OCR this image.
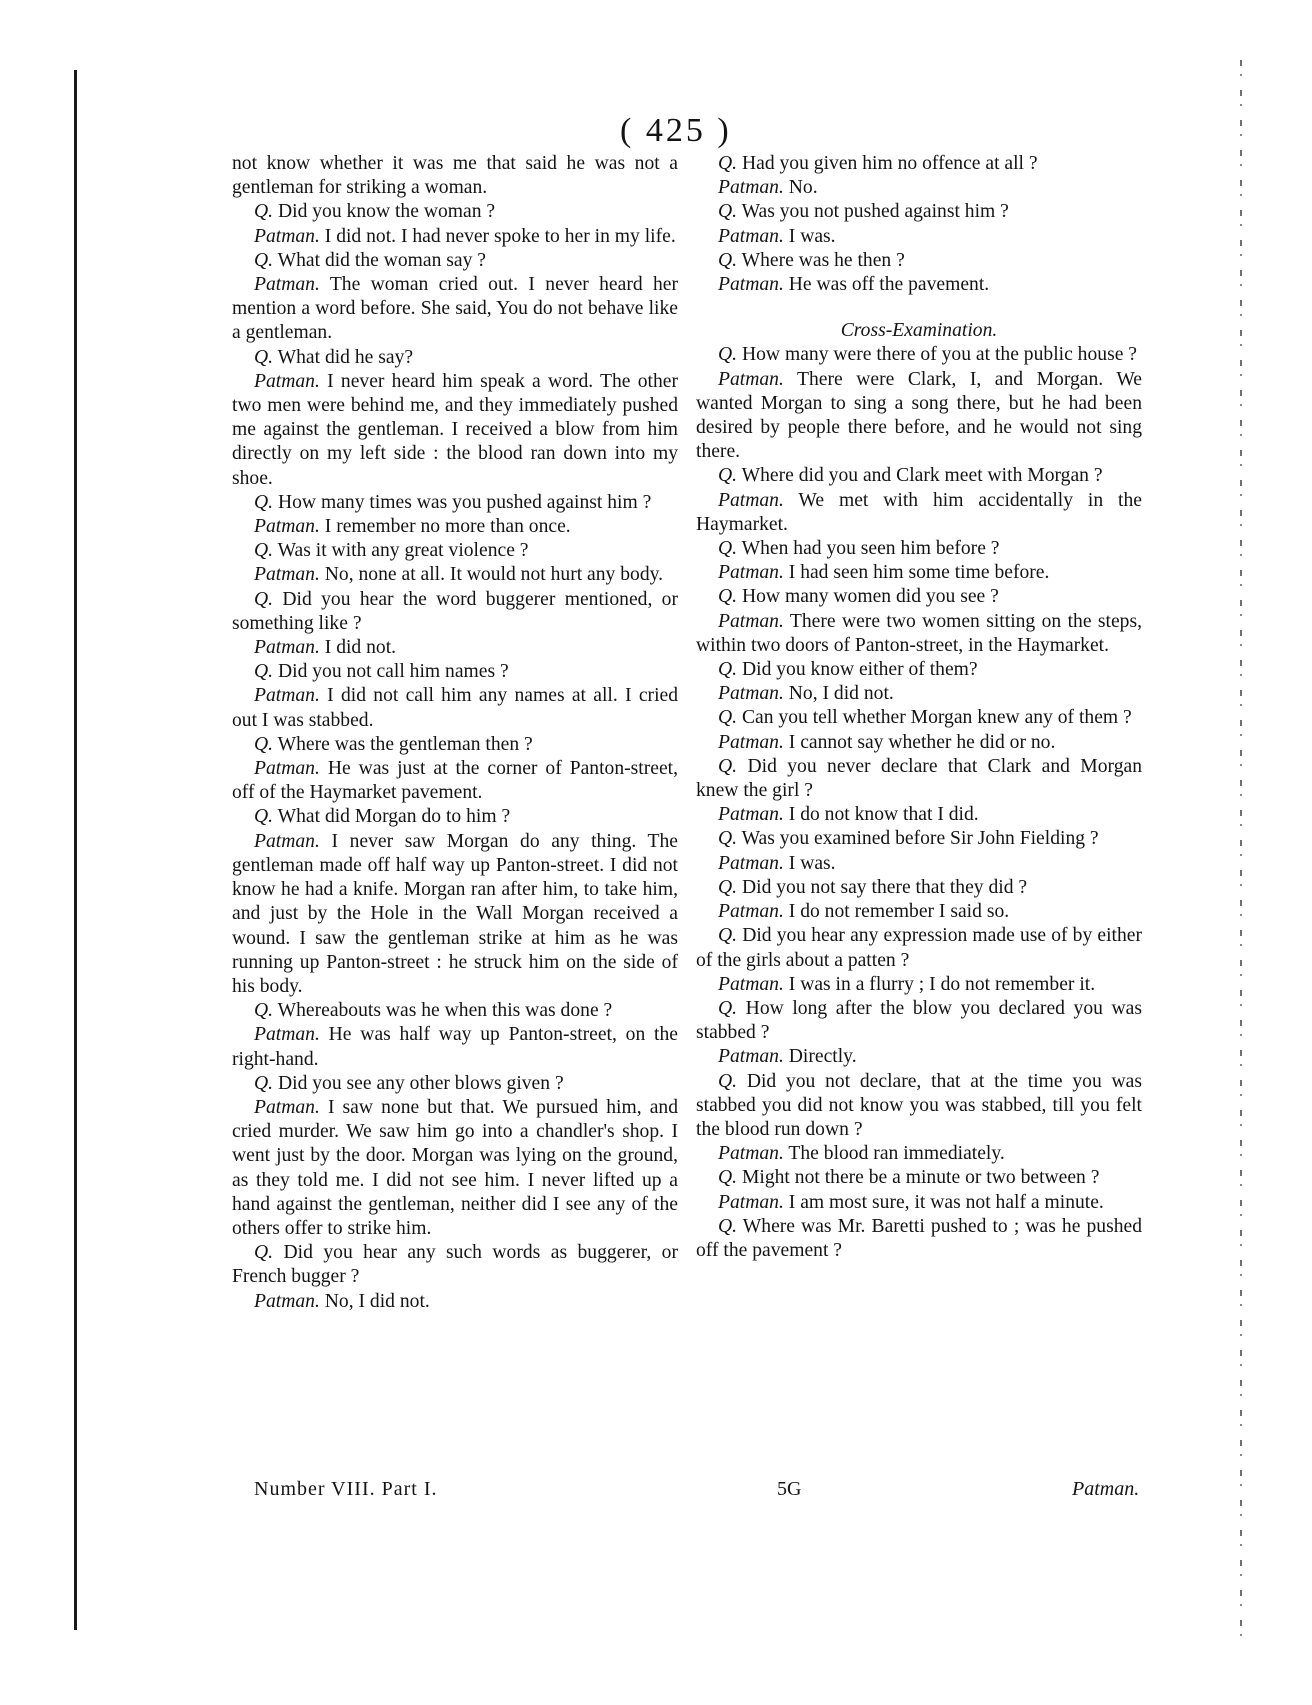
( 425 )

not know whether it was me that said he was not a gentleman for striking a woman.

Q. Did you know the woman ?

Patman. I did not. I had never spoke to her in my life.

Q. What did the woman say ?

Patman. The woman cried out. I never heard her mention a word before. She said, You do not behave like a gentleman.

Q. What did he say?

Patman. I never heard him speak a word. The other two men were behind me, and they immediately pushed me against the gentleman. I received a blow from him directly on my left side : the blood ran down into my shoe.

Q. How many times was you pushed against him ?

Patman. I remember no more than once.

Q. Was it with any great violence ?

Patman. No, none at all. It would not hurt any body.

Q. Did you hear the word buggerer mentioned, or something like ?

Patman. I did not.

Q. Did you not call him names ?

Patman. I did not call him any names at all. I cried out I was stabbed.

Q. Where was the gentleman then ?

Patman. He was just at the corner of Panton-street, off of the Haymarket pavement.

Q. What did Morgan do to him ?

Patman. I never saw Morgan do any thing. The gentleman made off half way up Panton-street. I did not know he had a knife. Morgan ran after him, to take him, and just by the Hole in the Wall Morgan received a wound. I saw the gentleman strike at him as he was running up Panton-street : he struck him on the side of his body.

Q. Whereabouts was he when this was done ?

Patman. He was half way up Panton-street, on the right-hand.

Q. Did you see any other blows given ?

Patman. I saw none but that. We pursued him, and cried murder. We saw him go into a chandler's shop. I went just by the door. Morgan was lying on the ground, as they told me. I did not see him. I never lifted up a hand against the gentleman, neither did I see any of the others offer to strike him.

Q. Did you hear any such words as buggerer, or French bugger ?

Patman. No, I did not.

Q. Had you given him no offence at all ?

Patman. No.

Q. Was you not pushed against him ?

Patman. I was.

Q. Where was he then ?

Patman. He was off the pavement.

Cross-Examination.

Q. How many were there of you at the public house ?

Patman. There were Clark, I, and Morgan. We wanted Morgan to sing a song there, but he had been desired by people there before, and he would not sing there.

Q. Where did you and Clark meet with Morgan ?

Patman. We met with him accidentally in the Haymarket.

Q. When had you seen him before ?

Patman. I had seen him some time before.

Q. How many women did you see ?

Patman. There were two women sitting on the steps, within two doors of Panton-street, in the Haymarket.

Q. Did you know either of them?

Patman. No, I did not.

Q. Can you tell whether Morgan knew any of them ?

Patman. I cannot say whether he did or no.

Q. Did you never declare that Clark and Morgan knew the girl ?

Patman. I do not know that I did.

Q. Was you examined before Sir John Fielding ?

Patman. I was.

Q. Did you not say there that they did ?

Patman. I do not remember I said so.

Q. Did you hear any expression made use of by either of the girls about a patten ?

Patman. I was in a flurry ; I do not remember it.

Q. How long after the blow you declared you was stabbed ?

Patman. Directly.

Q. Did you not declare, that at the time you was stabbed you did not know you was stabbed, till you felt the blood run down ?

Patman. The blood ran immediately.

Q. Might not there be a minute or two between ?

Patman. I am most sure, it was not half a minute.

Q. Where was Mr. Baretti pushed to ; was he pushed off the pavement ?

Number VIII. Part I.	5G	Patman.
